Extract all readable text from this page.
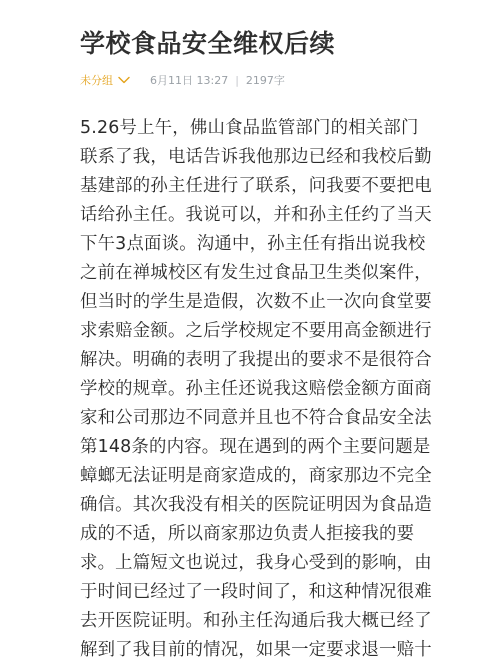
学校食品安全维权后续
未分组	6月11日 13:27 | 2197字
5.26号上午，佛山食品监管部门的相关部门
联系了我，电话告诉我他那边已经和我校后勤
基建部的孙主任进行了联系，问我要不要把电
话给孙主任。我说可以，并和孙主任约了当天
下午3点面谈。沟通中，孙主任有指出说我校
之前在禅城校区有发生过食品卫生类似案件，
但当时的学生是造假，次数不止一次向食堂要
求索赔金额。之后学校规定不要用高金额进行
解决。明确的表明了我提出的要求不是很符合
学校的规章。孙主任还说我这赔偿金额方面商
家和公司那边不同意并且也不符合食品安全法
第148条的内容。现在遇到的两个主要问题是
蟑螂无法证明是商家造成的，商家那边不完全
确信。其次我没有相关的医院证明因为食品造
成的不适，所以商家那边负责人拒接我的要
求。上篇短文也说过，我身心受到的影响，由
于时间已经过了一段时间了，和这种情况很难
去开医院证明。和孙主任沟通后我大概已经了
解到了我目前的情况，如果一定要求退一赔十
